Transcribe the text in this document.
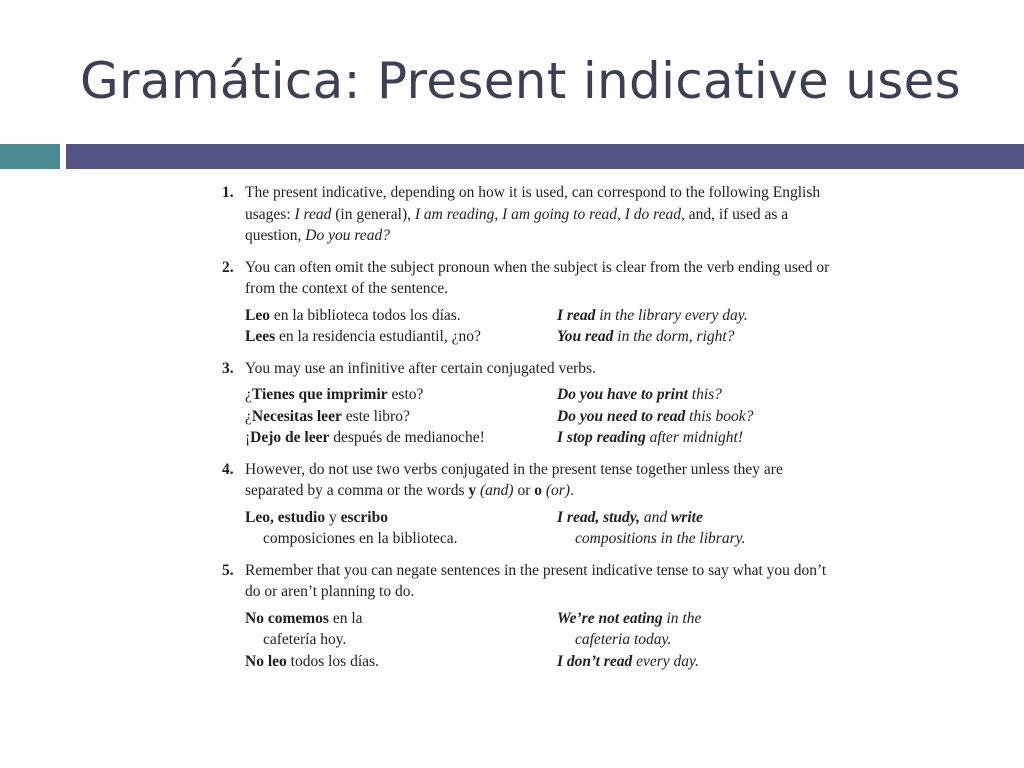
Gramática: Present indicative uses
1. The present indicative, depending on how it is used, can correspond to the following English usages: I read (in general), I am reading, I am going to read, I do read, and, if used as a question, Do you read?

2. You can often omit the subject pronoun when the subject is clear from the verb ending used or from the context of the sentence.

Leo en la biblioteca todos los días.	I read in the library every day.
Lees en la residencia estudiantil, ¿no?	You read in the dorm, right?
3. You may use an infinitive after certain conjugated verbs.

¿Tienes que imprimir esto?	Do you have to print this?
¿Necesitas leer este libro?	Do you need to read this book?
¡Dejo de leer después de medianoche!	I stop reading after midnight!
4. However, do not use two verbs conjugated in the present tense together unless they are separated by a comma or the words y (and) or o (or).

Leo, estudio y escribo	I read, study, and write
composiciones en la biblioteca.	compositions in the library.
5. Remember that you can negate sentences in the present indicative tense to say what you don’t do or aren’t planning to do.

No comemos en la	We’re not eating in the
cafetería hoy.	cafeteria today.
No leo todos los días.	I don’t read every day.
